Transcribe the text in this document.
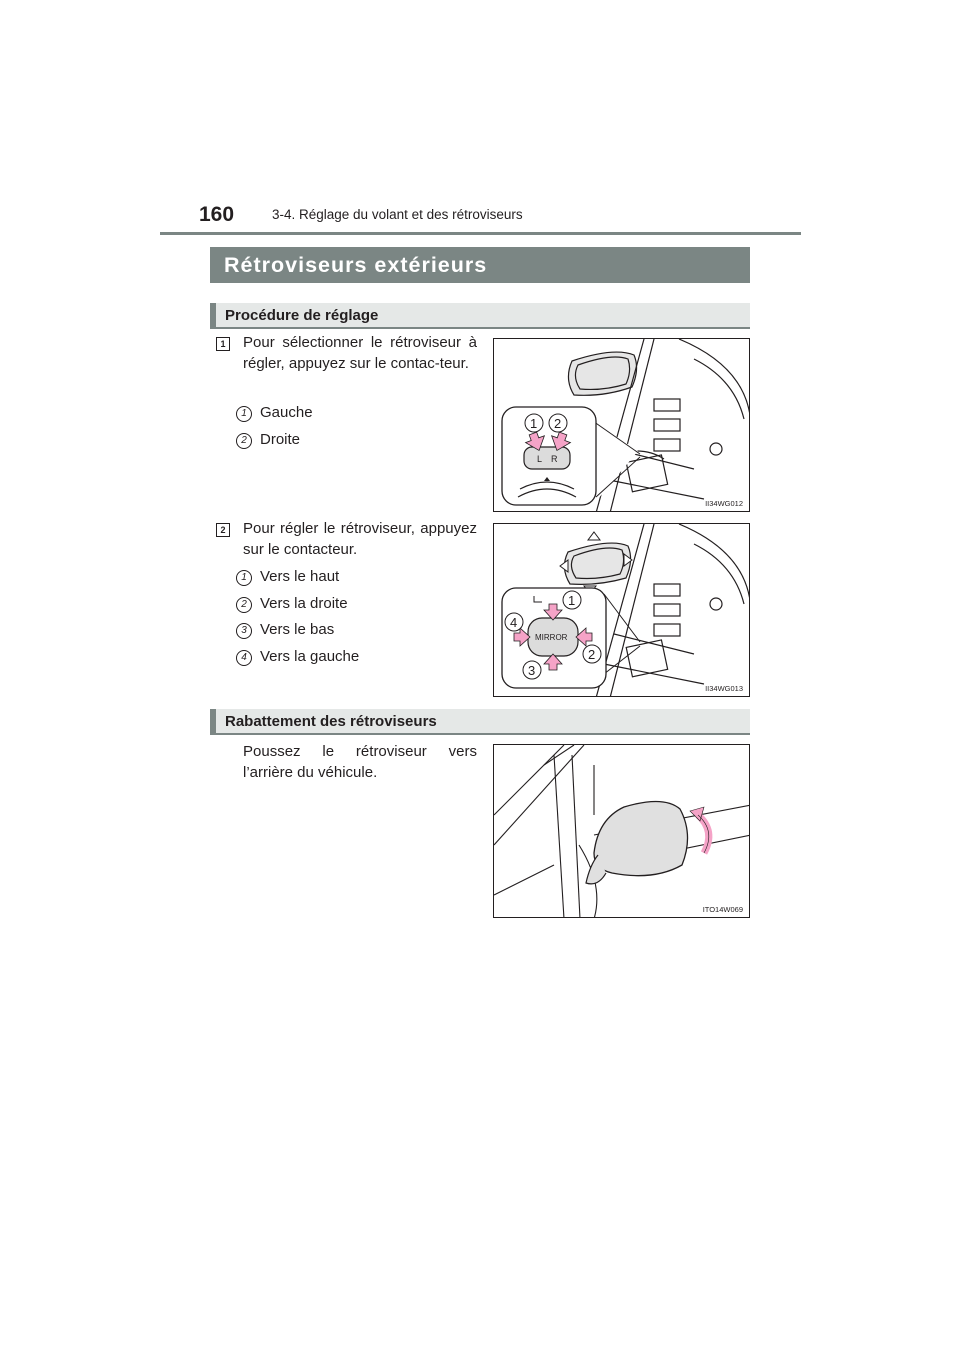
160	3-4. Réglage du volant et des rétroviseurs
Rétroviseurs extérieurs
Procédure de réglage
1	Pour sélectionner le rétroviseur à régler, appuyez sur le contac-teur.
1 Gauche
2 Droite
L R
1 2
II34WG012
2	Pour régler le rétroviseur, appuyez sur le contacteur.
1 Vers le haut
2 Vers la droite
3 Vers le bas
4 Vers la gauche
MIRROR
1
2
3
4
II34WG013
Rabattement des rétroviseurs
Poussez le rétroviseur vers l’arrière du véhicule.
ITO14W069
